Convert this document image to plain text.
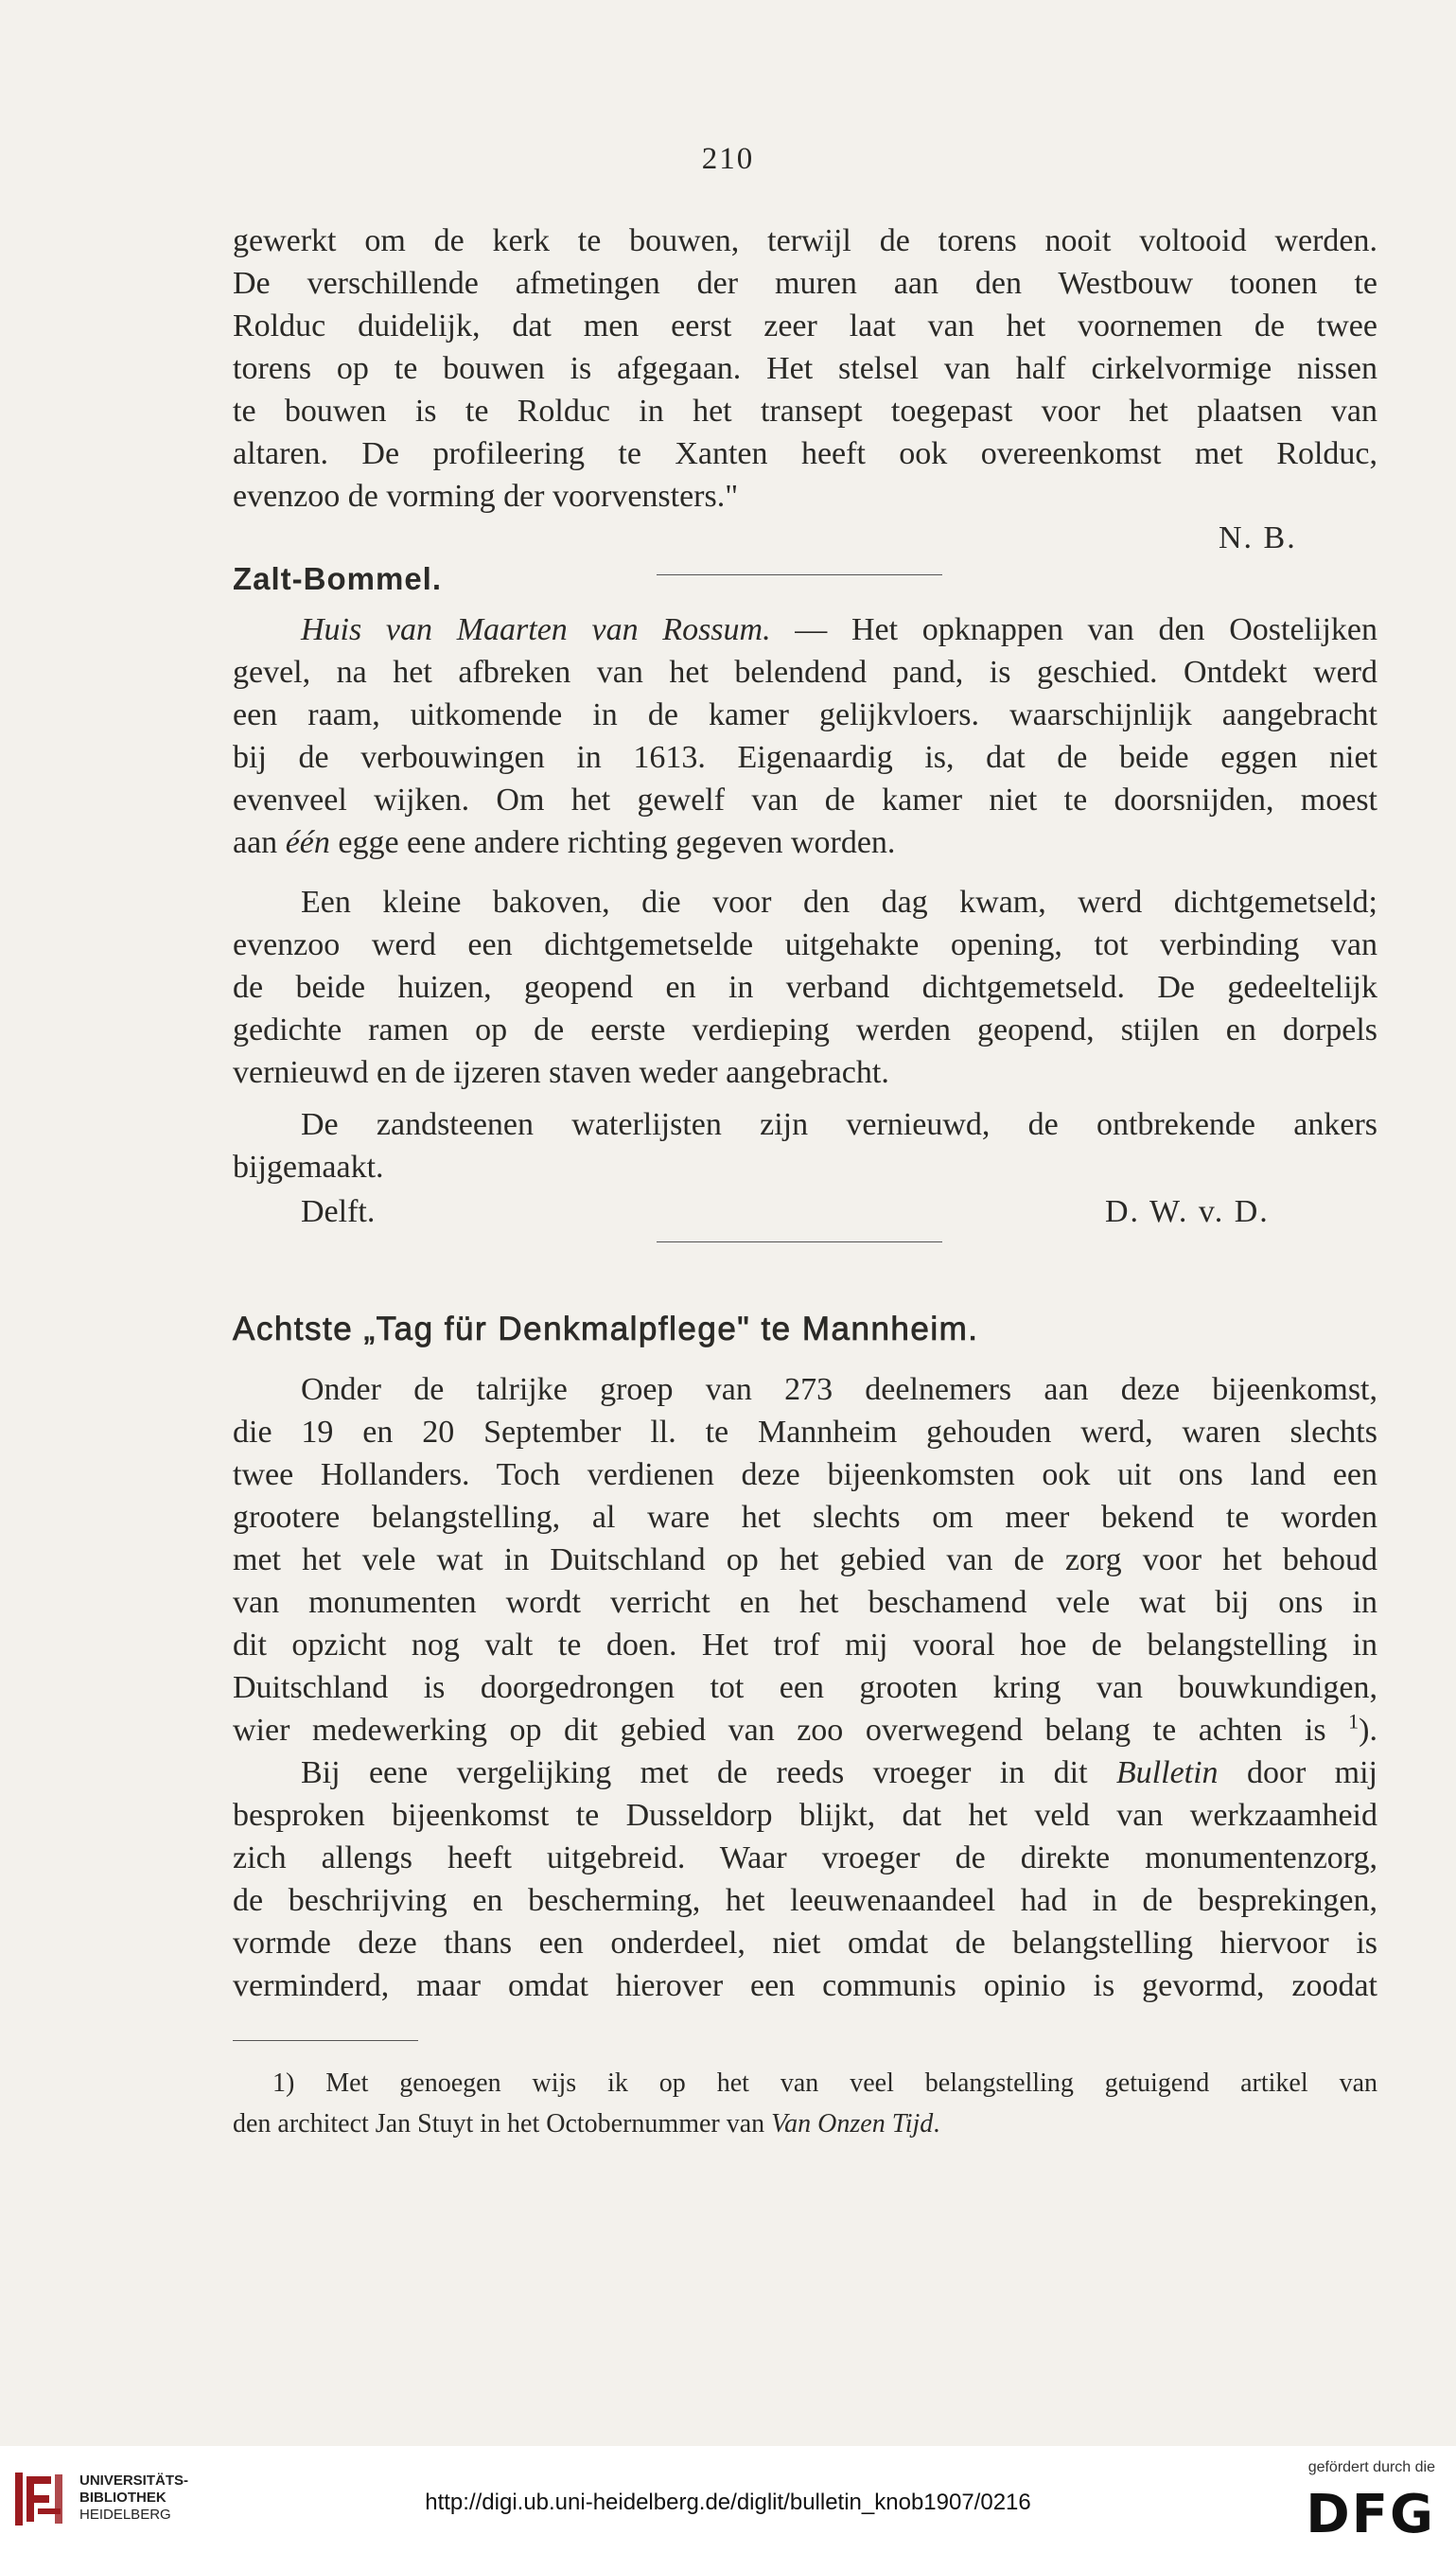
210
gewerkt om de kerk te bouwen, terwijl de torens nooit voltooid werden.
De verschillende afmetingen der muren aan den Westbouw toonen te
Rolduc duidelijk, dat men eerst zeer laat van het voornemen de twee
torens op te bouwen is afgegaan. Het stelsel van half cirkelvormige nissen
te bouwen is te Rolduc in het transept toegepast voor het plaatsen van
altaren. De profileering te Xanten heeft ook overeenkomst met Rolduc,
evenzoo de vorming der voorvensters."
N. B.
Zalt-Bommel.
Huis van Maarten van Rossum. — Het opknappen van den Oostelijken
gevel, na het afbreken van het belendend pand, is geschied. Ontdekt werd
een raam, uitkomende in de kamer gelijkvloers. waarschijnlijk aangebracht
bij de verbouwingen in 1613. Eigenaardig is, dat de beide eggen niet
evenveel wijken. Om het gewelf van de kamer niet te doorsnijden, moest
aan één egge eene andere richting gegeven worden.
Een kleine bakoven, die voor den dag kwam, werd dichtgemetseld;
evenzoo werd een dichtgemetselde uitgehakte opening, tot verbinding van
de beide huizen, geopend en in verband dichtgemetseld. De gedeeltelijk
gedichte ramen op de eerste verdieping werden geopend, stijlen en dorpels
vernieuwd en de ijzeren staven weder aangebracht.
De zandsteenen waterlijsten zijn vernieuwd, de ontbrekende ankers
bijgemaakt.
Delft.	D. W. v. D.
Achtste „Tag für Denkmalpflege" te Mannheim.
Onder de talrijke groep van 273 deelnemers aan deze bijeenkomst,
die 19 en 20 September ll. te Mannheim gehouden werd, waren slechts
twee Hollanders. Toch verdienen deze bijeenkomsten ook uit ons land een
grootere belangstelling, al ware het slechts om meer bekend te worden
met het vele wat in Duitschland op het gebied van de zorg voor het behoud
van monumenten wordt verricht en het beschamend vele wat bij ons in
dit opzicht nog valt te doen. Het trof mij vooral hoe de belangstelling in
Duitschland is doorgedrongen tot een grooten kring van bouwkundigen,
wier medewerking op dit gebied van zoo overwegend belang te achten is $^1$).
Bij eene vergelijking met de reeds vroeger in dit Bulletin door mij
besproken bijeenkomst te Dusseldorp blijkt, dat het veld van werkzaamheid
zich allengs heeft uitgebreid. Waar vroeger de direkte monumentenzorg,
de beschrijving en bescherming, het leeuwenaandeel had in de besprekingen,
vormde deze thans een onderdeel, niet omdat de belangstelling hiervoor is
verminderd, maar omdat hierover een communis opinio is gevormd, zoodat
1) Met genoegen wijs ik op het van veel belangstelling getuigend artikel van
den architect Jan Stuyt in het Octobernummer van Van Onzen Tijd.
UNIVERSITÄTS-
BIBLIOTHEK
HEIDELBERG	http://digi.ub.uni-heidelberg.de/diglit/bulletin_knob1907/0216
gefördert durch die
DFG
